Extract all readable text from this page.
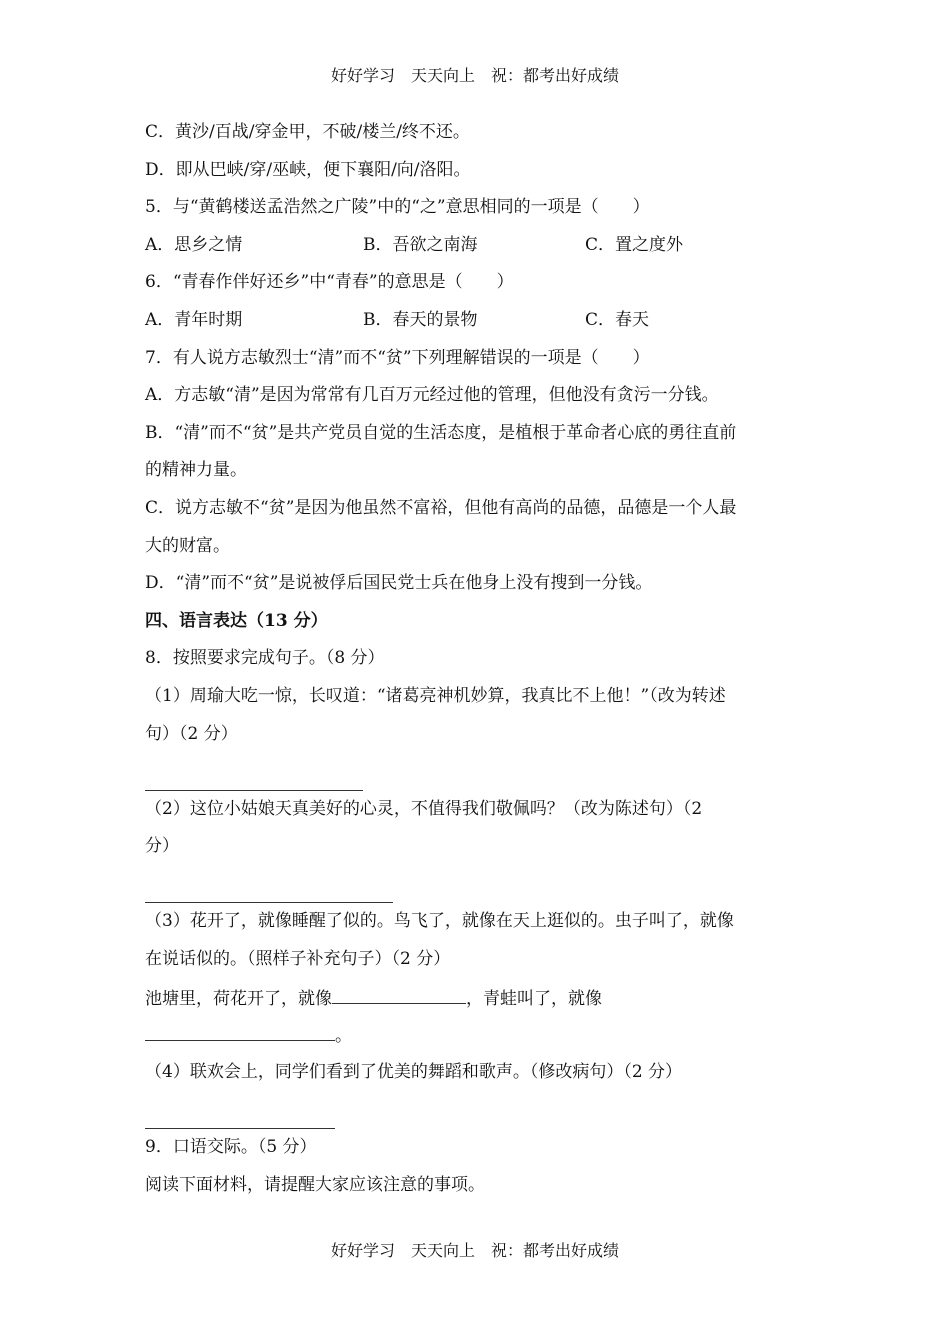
好好学习　天天向上　祝：都考出好成绩
C．黄沙/百战/穿金甲，不破/楼兰/终不还。
D．即从巴峡/穿/巫峡，便下襄阳/向/洛阳。
5．与“黄鹤楼送孟浩然之广陵”中的“之”意思相同的一项是（　　）
A．思乡之情	B．吾欲之南海	C．置之度外
6．“青春作伴好还乡”中“青春”的意思是（　　）
A．青年时期	B．春天的景物	C．春天
7．有人说方志敏烈士“清”而不“贫”下列理解错误的一项是（　　）
A．方志敏“清”是因为常常有几百万元经过他的管理，但他没有贪污一分钱。
B．“清”而不“贫”是共产党员自觉的生活态度，是植根于革命者心底的勇往直前
的精神力量。
C．说方志敏不“贫”是因为他虽然不富裕，但他有高尚的品德，品德是一个人最
大的财富。
D．“清”而不“贫”是说被俘后国民党士兵在他身上没有搜到一分钱。
四、语言表达（13 分）
8．按照要求完成句子。（8 分）
（1）周瑜大吃一惊，长叹道：“诸葛亮神机妙算，我真比不上他！”（改为转述
句）（2 分）
（2）这位小姑娘天真美好的心灵，不值得我们敬佩吗？（改为陈述句）（2
分）
（3）花开了，就像睡醒了似的。鸟飞了，就像在天上逛似的。虫子叫了，就像
在说话似的。（照样子补充句子）（2 分）
池塘里，荷花开了，就像	，青蛙叫了，就像
。
（4）联欢会上，同学们看到了优美的舞蹈和歌声。（修改病句）（2 分）
9．口语交际。（5 分）
阅读下面材料，请提醒大家应该注意的事项。
好好学习　天天向上　祝：都考出好成绩
